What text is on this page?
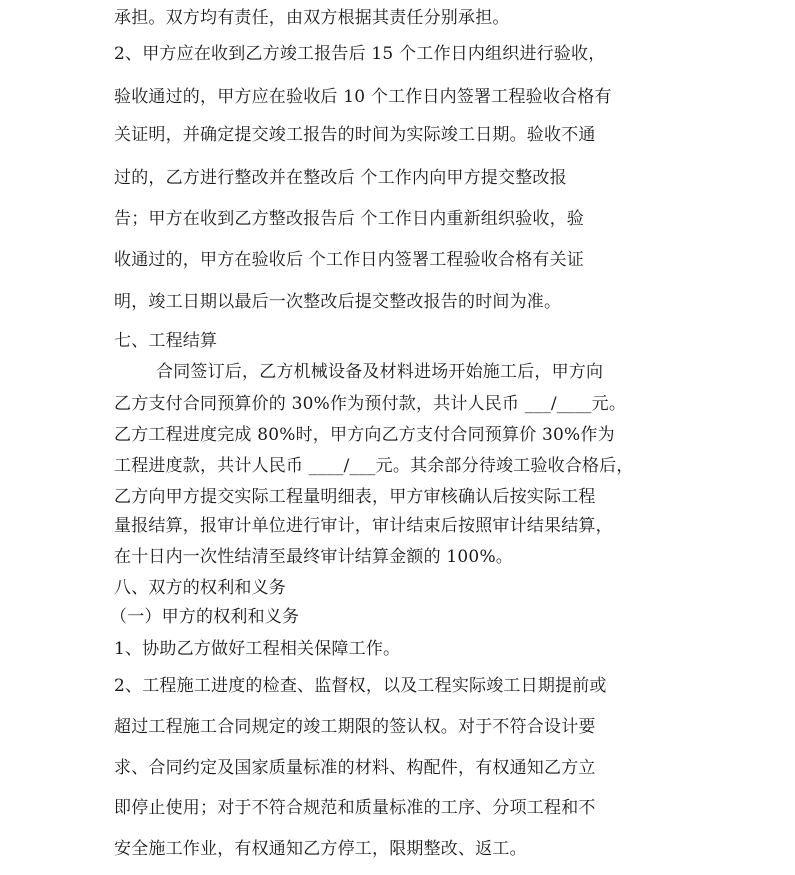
承担。双方均有责任，由双方根据其责任分别承担。
2、甲方应在收到乙方竣工报告后 15 个工作日内组织进行验收，
验收通过的，甲方应在验收后 10 个工作日内签署工程验收合格有
关证明，并确定提交竣工报告的时间为实际竣工日期。验收不通
过的，乙方进行整改并在整改后 个工作内向甲方提交整改报
告；甲方在收到乙方整改报告后 个工作日内重新组织验收，验
收通过的，甲方在验收后 个工作日内签署工程验收合格有关证
明，竣工日期以最后一次整改后提交整改报告的时间为准。
七、工程结算
合同签订后，乙方机械设备及材料进场开始施工后，甲方向
乙方支付合同预算价的 30%作为预付款，共计人民币 ___/____元。
乙方工程进度完成 80%时，甲方向乙方支付合同预算价 30%作为
工程进度款，共计人民币 ____/___元。其余部分待竣工验收合格后，
乙方向甲方提交实际工程量明细表，甲方审核确认后按实际工程
量报结算，报审计单位进行审计，审计结束后按照审计结果结算，
在十日内一次性结清至最终审计结算金额的 100%。
八、双方的权利和义务
（一）甲方的权利和义务
1、协助乙方做好工程相关保障工作。
2、工程施工进度的检查、监督权，以及工程实际竣工日期提前或
超过工程施工合同规定的竣工期限的签认权。对于不符合设计要
求、合同约定及国家质量标准的材料、构配件，有权通知乙方立
即停止使用；对于不符合规范和质量标准的工序、分项工程和不
安全施工作业，有权通知乙方停工，限期整改、返工。
